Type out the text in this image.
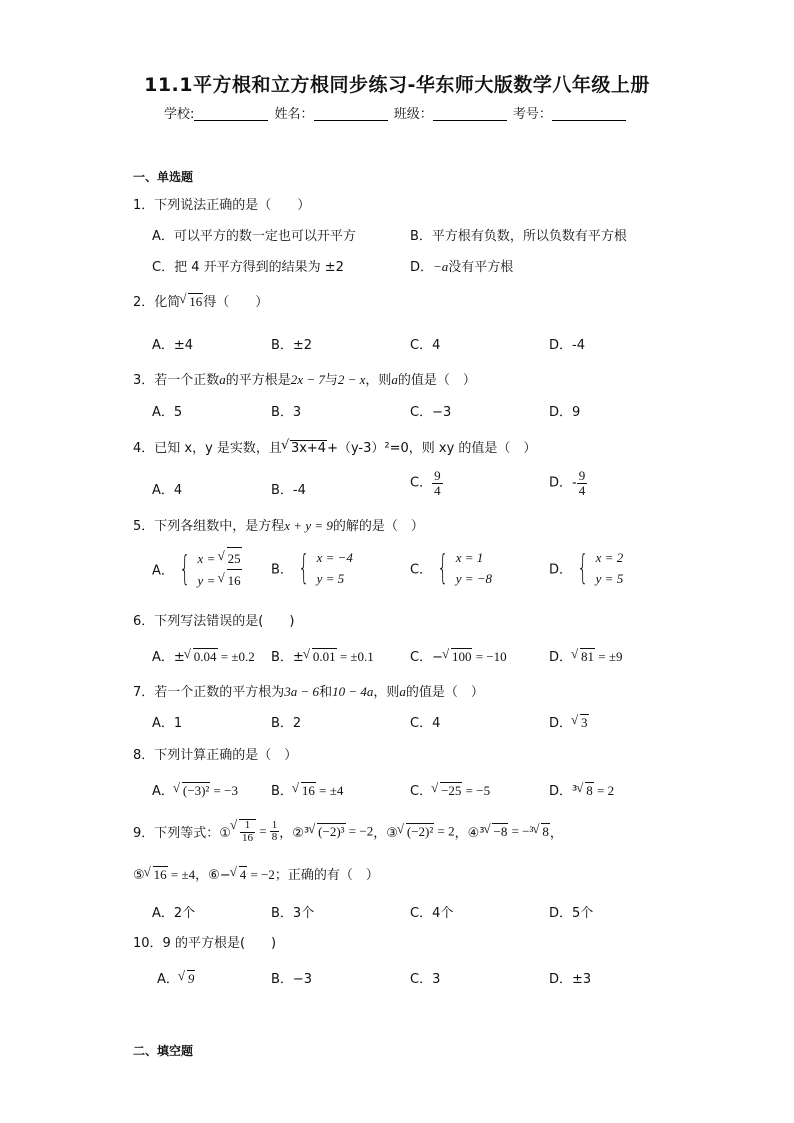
11.1平方根和立方根同步练习-华东师大版数学八年级上册
学校:	姓名：	班级：	考号：
一、单选题
1．下列说法正确的是（　　）
A．可以平方的数一定也可以开平方	B．平方根有负数，所以负数有平方根
C．把 4 开平方得到的结果为 ±2	D．−a没有平方根
2．化简 √ 16得（　　）
A．±4	B．±2	C．4	D．-4
3．若一个正数a的平方根是2x − 7与2 − x，则a的值是（　）
A．5	B．3	C．−3	D．9
4．已知 x，y 是实数，且 √ 3x+4+（y-3）²=0，则 xy 的值是（　）
A．4	B．-4	C． $\frac{9}{4}$	D．- $\frac{9}{4}$
5．下列各组数中，是方程x + y = 9的解的是（　）
A． { x = √ 25
y = √ 16
B． { x = −4
y = 5
C． { x = 1
y = −8
D． { x = 2
y = 5
6．下列写法错误的是(　　)
A．± √ 0.04 = ±0.2 B．± √ 0.01 = ±0.1	C．− √ 100 = −10	D． √ 81 = ±9
7．若一个正数的平方根为3a − 6和10 − 4a，则a的值是（　）
A．1	B．2	C．4	D． √ 3
8．下列计算正确的是（　）
A． √ (−3)² = −3	B． √ 16 = ±4	C． √ −25 = −5	D．³ √ 8 = 2
9．下列等式：① √ $\frac{1}{16} = \frac{1}{8}$ ，②³ √ (−2)³ = −2，③ √ (−2)² = 2，④³ √ −8 = −³ √ 8，
⑤ √ 16 = ±4，⑥− √ 4 = −2；正确的有（　）
A．2个	B．3个	C．4个	D．5个
10．9 的平方根是(　　)
A． √ 9	B．−3	C．3	D．±3
二、填空题
